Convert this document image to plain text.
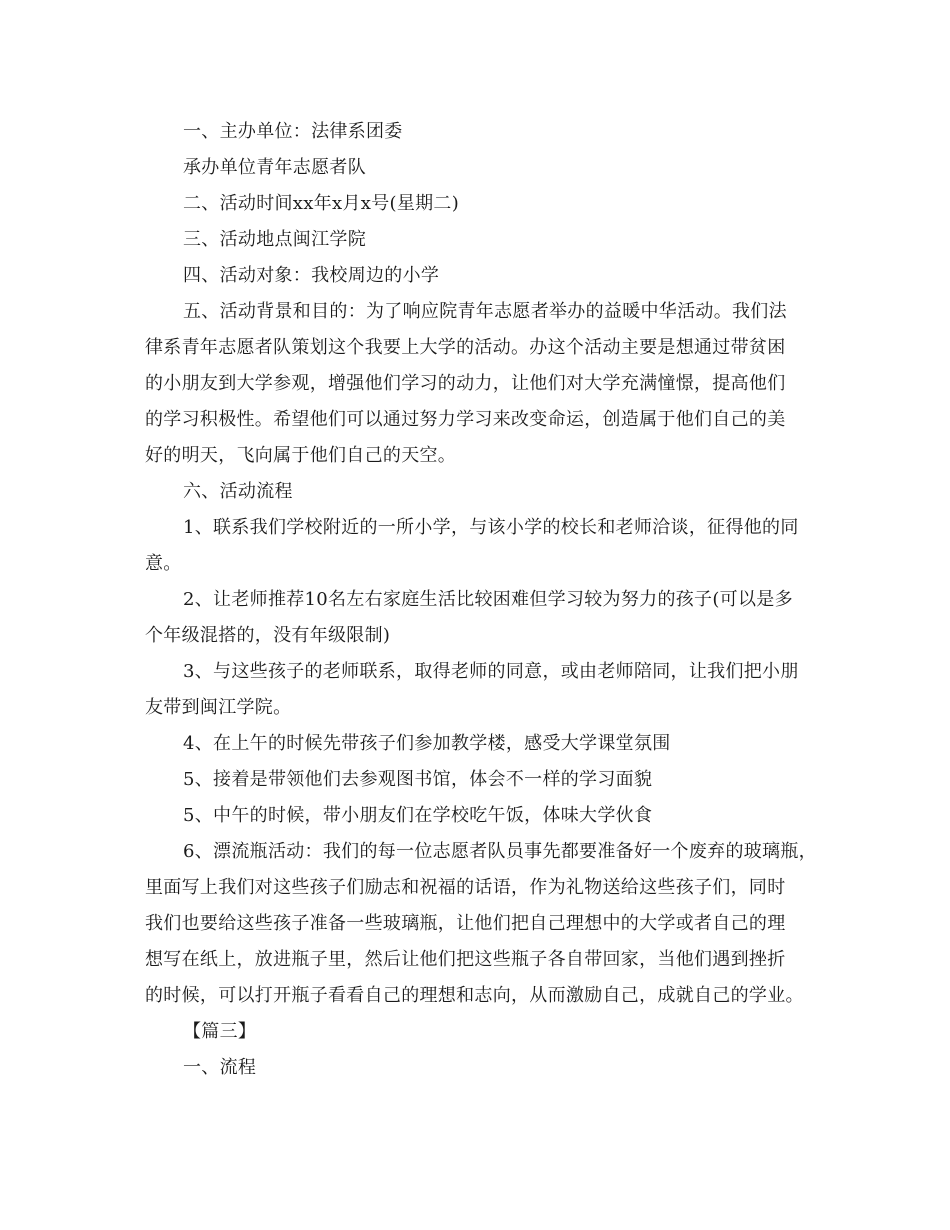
一、主办单位：法律系团委
承办单位青年志愿者队
二、活动时间xx年x月x号(星期二)
三、活动地点闽江学院
四、活动对象：我校周边的小学
五、活动背景和目的：为了响应院青年志愿者举办的益暖中华活动。我们法
律系青年志愿者队策划这个我要上大学的活动。办这个活动主要是想通过带贫困
的小朋友到大学参观，增强他们学习的动力，让他们对大学充满憧憬，提高他们
的学习积极性。希望他们可以通过努力学习来改变命运，创造属于他们自己的美
好的明天，飞向属于他们自己的天空。
六、活动流程
1、联系我们学校附近的一所小学，与该小学的校长和老师洽谈，征得他的同
意。
2、让老师推荐10名左右家庭生活比较困难但学习较为努力的孩子(可以是多
个年级混搭的，没有年级限制)
3、与这些孩子的老师联系，取得老师的同意，或由老师陪同，让我们把小朋
友带到闽江学院。
4、在上午的时候先带孩子们参加教学楼，感受大学课堂氛围
5、接着是带领他们去参观图书馆，体会不一样的学习面貌
5、中午的时候，带小朋友们在学校吃午饭，体味大学伙食
6、漂流瓶活动：我们的每一位志愿者队员事先都要准备好一个废弃的玻璃瓶，
里面写上我们对这些孩子们励志和祝福的话语，作为礼物送给这些孩子们，同时
我们也要给这些孩子准备一些玻璃瓶，让他们把自己理想中的大学或者自己的理
想写在纸上，放进瓶子里，然后让他们把这些瓶子各自带回家，当他们遇到挫折
的时候，可以打开瓶子看看自己的理想和志向，从而激励自己，成就自己的学业。
【篇三】
一、流程
